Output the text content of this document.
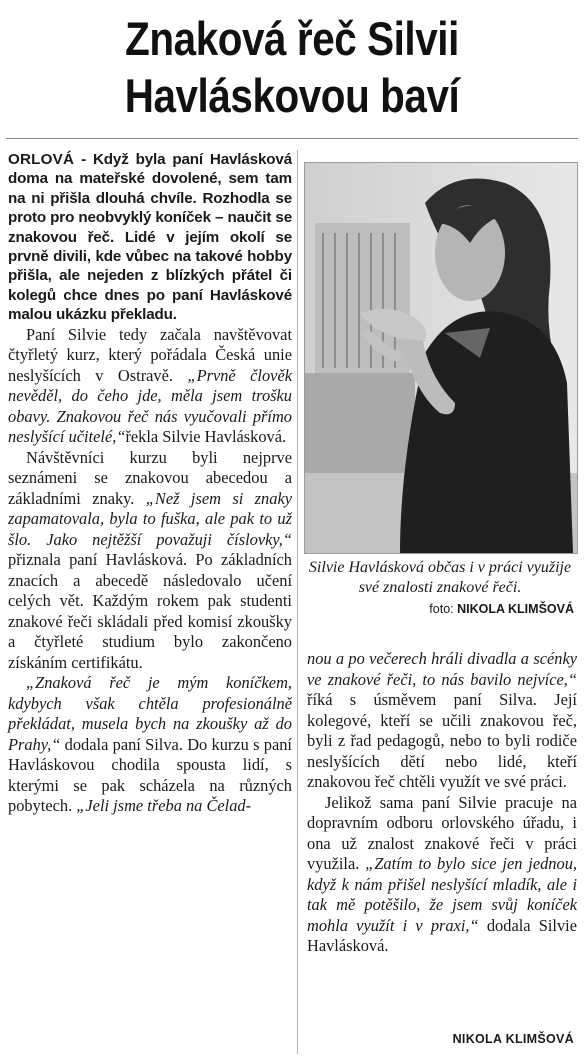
Znaková řeč Silvii
Havláskovou baví

ORLOVÁ - Když byla paní Havlásková doma na mateřské dovolené, sem tam na ni přišla dlouhá chvíle. Rozhodla se proto pro neobvyklý koníček – naučit se znakovou řeč. Lidé v jejím okolí se prvně divili, kde vůbec na takové hobby přišla, ale nejeden z blízkých přátel či kolegů chce dnes po paní Havláskové malou ukázku překladu.

Paní Silvie tedy začala navštěvovat čtyřletý kurz, který pořádala Česká unie neslyšících v Ostravě. „Prvně člověk nevěděl, do čeho jde, měla jsem trošku obavy. Znakovou řeč nás vyučovali přímo neslyšící učitelé,“řekla Silvie Havlásková.

Návštěvníci kurzu byli nejprve seznámeni se znakovou abecedou a základními znaky. „Než jsem si znaky zapamatovala, byla to fuška, ale pak to už šlo. Jako nejtěžší považuji číslovky,“ přiznala paní Havlásková. Po základních znacích a abecedě následovalo učení celých vět. Každým rokem pak studenti znakové řeči skládali před komisí zkoušky a čtyřleté studium bylo zakončeno získáním certifikátu.

„Znaková řeč je mým koníčkem, kdybych však chtěla profesionálně překládat, musela bych na zkoušky až do Prahy,“ dodala paní Silva. Do kurzu s paní Havláskovou chodila spousta lidí, s kterými se pak scházela na různých pobytech. „Jeli jsme třeba na Čelad-

Silvie Havlásková občas i v práci využije své znalosti znakové řeči.
foto: NIKOLA KLIMŠOVÁ

nou a po večerech hráli divadla a scénky ve znakové řeči, to nás bavilo nejvíce,“ říká s úsměvem paní Silva. Její kolegové, kteří se učili znakovou řeč, byli z řad pedagogů, nebo to byli rodiče neslyšících dětí nebo lidé, kteří znakovou řeč chtěli využít ve své práci.

Jelikož sama paní Silvie pracuje na dopravním odboru orlovského úřadu, i ona už znalost znakové řeči v práci využila. „Zatím to bylo sice jen jednou, když k nám přišel neslyšící mladík, ale i tak mě potěšilo, že jsem svůj koníček mohla využít i v praxi,“ dodala Silvie Havlásková.

NIKOLA KLIMŠOVÁ
